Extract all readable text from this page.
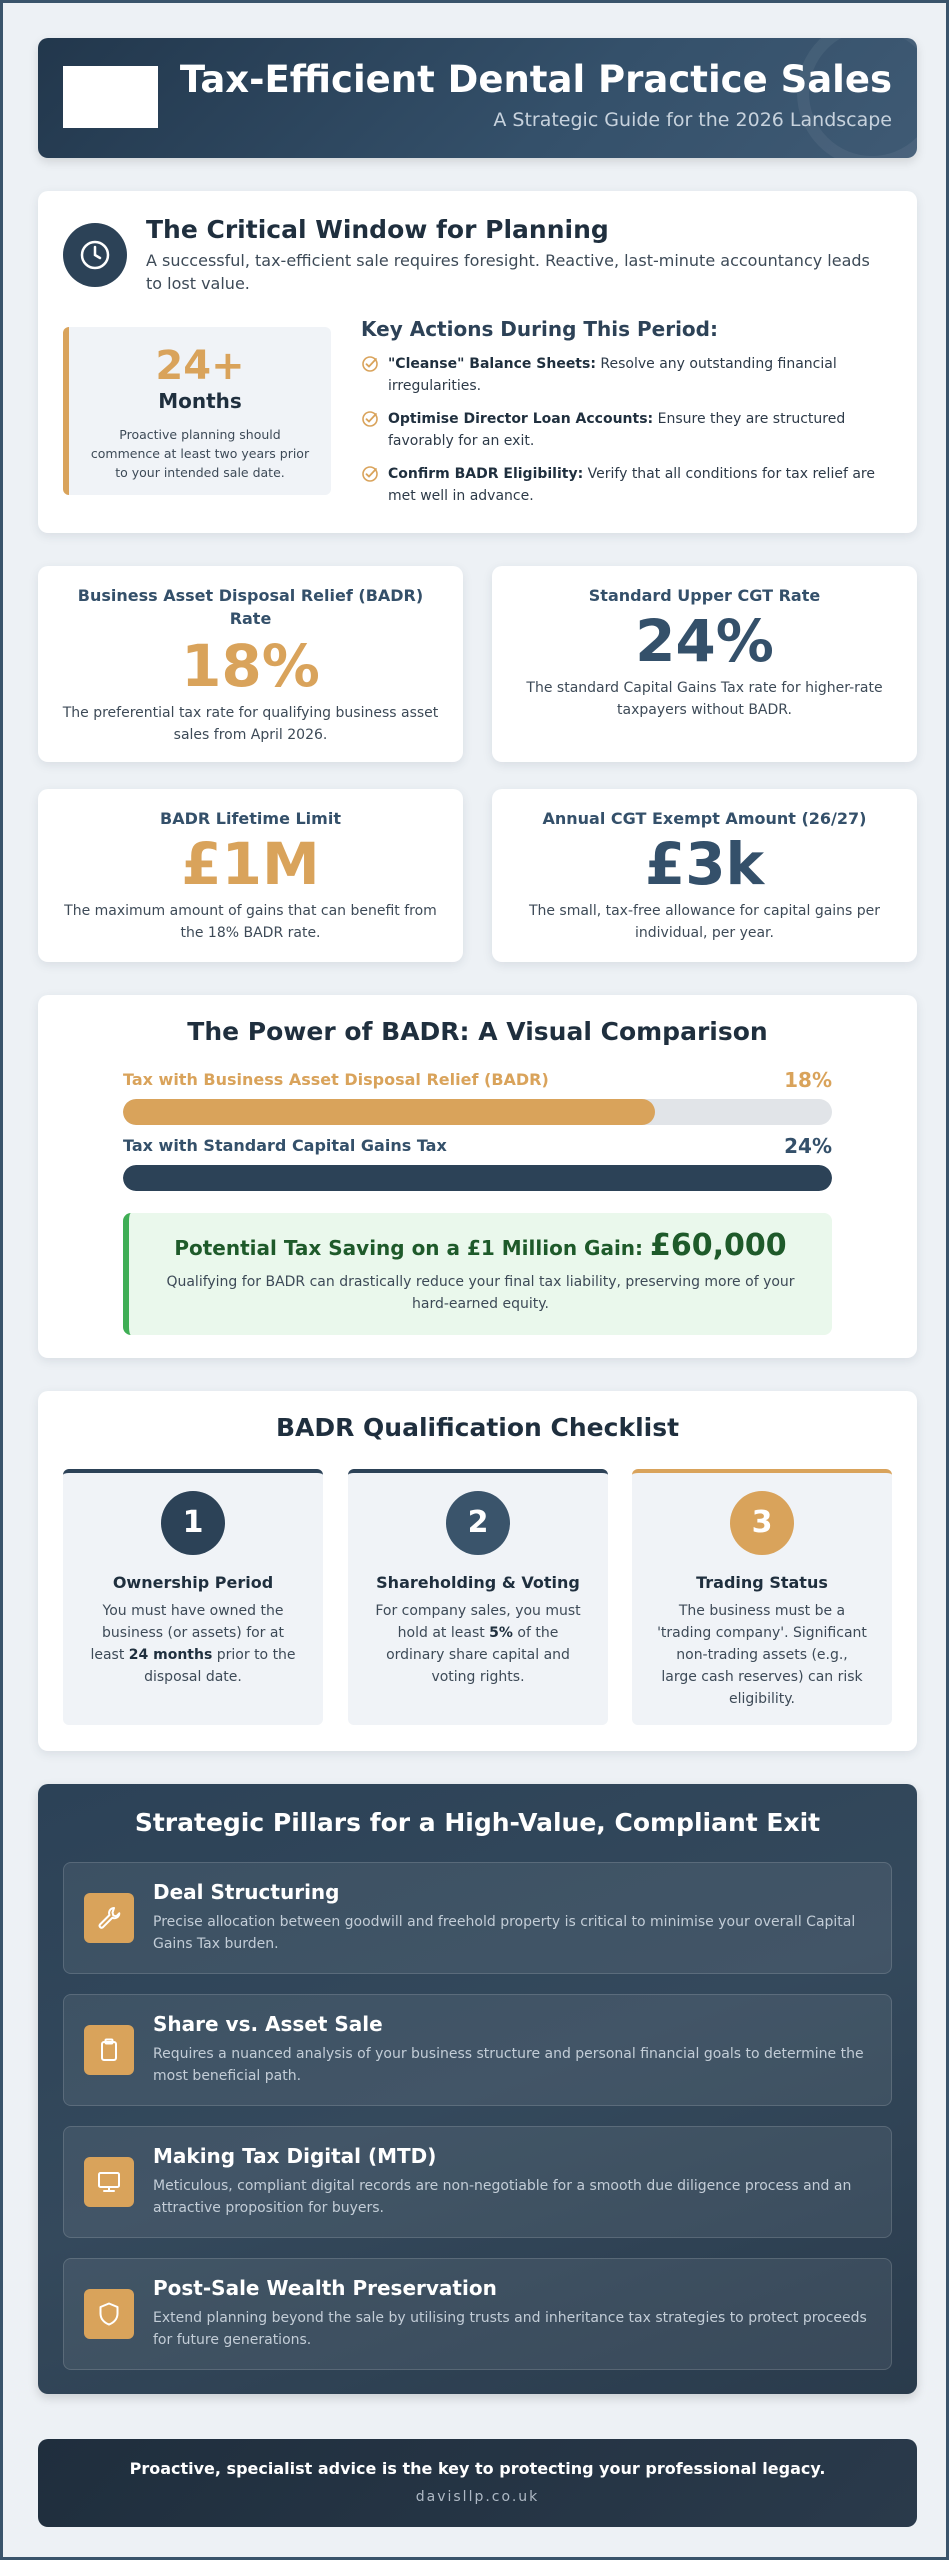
Tax-Efficient Dental Practice Sales
A Strategic Guide for the 2026 Landscape
The Critical Window for Planning
A successful, tax-efficient sale requires foresight. Reactive, last-minute accountancy leads to lost value.
24+
Months
Proactive planning should commence at least two years prior to your intended sale date.
Key Actions During This Period:
"Cleanse" Balance Sheets: Resolve any outstanding financial irregularities.
Optimise Director Loan Accounts: Ensure they are structured favorably for an exit.
Confirm BADR Eligibility: Verify that all conditions for tax relief are met well in advance.
Business Asset Disposal Relief (BADR) Rate
18%
The preferential tax rate for qualifying business asset sales from April 2026.
Standard Upper CGT Rate
24%
The standard Capital Gains Tax rate for higher-rate taxpayers without BADR.
BADR Lifetime Limit
£1M
The maximum amount of gains that can benefit from the 18% BADR rate.
Annual CGT Exempt Amount (26/27)
£3k
The small, tax-free allowance for capital gains per individual, per year.
The Power of BADR: A Visual Comparison
Tax with Business Asset Disposal Relief (BADR)	18%
Tax with Standard Capital Gains Tax	24%
Potential Tax Saving on a £1 Million Gain: £60,000
Qualifying for BADR can drastically reduce your final tax liability, preserving more of your hard-earned equity.
BADR Qualification Checklist
1
Ownership Period
You must have owned the business (or assets) for at least 24 months prior to the disposal date.
2
Shareholding & Voting
For company sales, you must hold at least 5% of the ordinary share capital and voting rights.
3
Trading Status
The business must be a 'trading company'. Significant non-trading assets (e.g., large cash reserves) can risk eligibility.
Strategic Pillars for a High-Value, Compliant Exit
Deal Structuring
Precise allocation between goodwill and freehold property is critical to minimise your overall Capital Gains Tax burden.
Share vs. Asset Sale
Requires a nuanced analysis of your business structure and personal financial goals to determine the most beneficial path.
Making Tax Digital (MTD)
Meticulous, compliant digital records are non-negotiable for a smooth due diligence process and an attractive proposition for buyers.
Post-Sale Wealth Preservation
Extend planning beyond the sale by utilising trusts and inheritance tax strategies to protect proceeds for future generations.
Proactive, specialist advice is the key to protecting your professional legacy.
davisllp.co.uk
